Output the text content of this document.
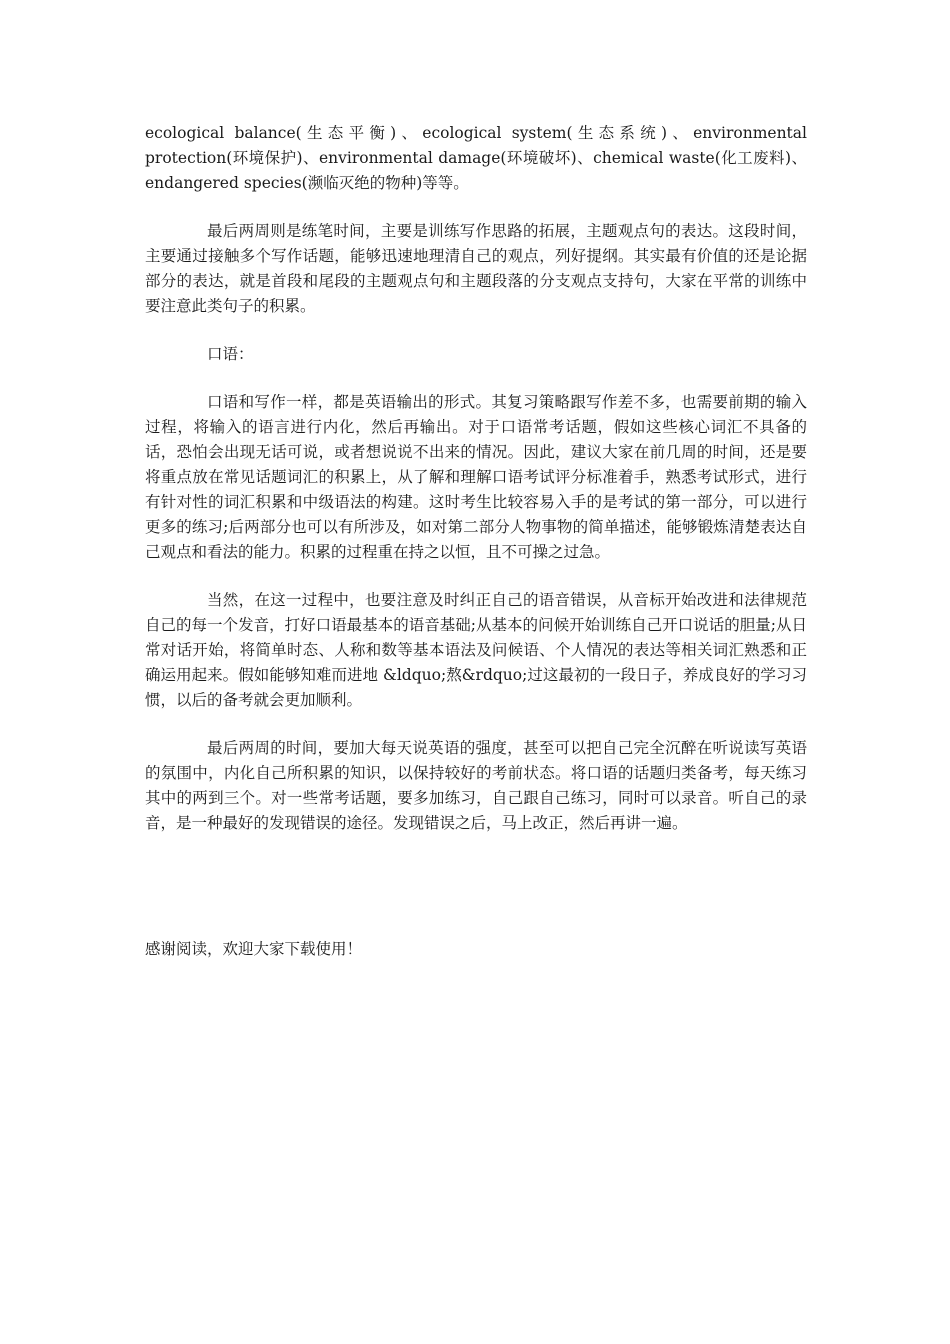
ecological balance(生态平衡)、ecological system(生态系统)、environmental protection(环境保护)、environmental damage(环境破坏)、chemical waste(化工废料)、endangered species(濒临灭绝的物种)等等。

最后两周则是练笔时间，主要是训练写作思路的拓展，主题观点句的表达。这段时间，主要通过接触多个写作话题，能够迅速地理清自己的观点，列好提纲。其实最有价值的还是论据部分的表达，就是首段和尾段的主题观点句和主题段落的分支观点支持句，大家在平常的训练中要注意此类句子的积累。

口语：

口语和写作一样，都是英语输出的形式。其复习策略跟写作差不多，也需要前期的输入过程，将输入的语言进行内化，然后再输出。对于口语常考话题，假如这些核心词汇不具备的话，恐怕会出现无话可说，或者想说说不出来的情况。因此，建议大家在前几周的时间，还是要将重点放在常见话题词汇的积累上，从了解和理解口语考试评分标准着手，熟悉考试形式，进行有针对性的词汇积累和中级语法的构建。这时考生比较容易入手的是考试的第一部分，可以进行更多的练习;后两部分也可以有所涉及，如对第二部分人物事物的简单描述，能够锻炼清楚表达自己观点和看法的能力。积累的过程重在持之以恒，且不可操之过急。

当然，在这一过程中，也要注意及时纠正自己的语音错误，从音标开始改进和法律规范自己的每一个发音，打好口语最基本的语音基础;从基本的问候开始训练自己开口说话的胆量;从日常对话开始，将简单时态、人称和数等基本语法及问候语、个人情况的表达等相关词汇熟悉和正确运用起来。假如能够知难而进地 &ldquo;熬&rdquo;过这最初的一段日子，养成良好的学习习惯，以后的备考就会更加顺利。

最后两周的时间，要加大每天说英语的强度，甚至可以把自己完全沉醉在听说读写英语的氛围中，内化自己所积累的知识，以保持较好的考前状态。将口语的话题归类备考，每天练习其中的两到三个。对一些常考话题，要多加练习，自己跟自己练习，同时可以录音。听自己的录音，是一种最好的发现错误的途径。发现错误之后，马上改正，然后再讲一遍。

感谢阅读，欢迎大家下载使用！
